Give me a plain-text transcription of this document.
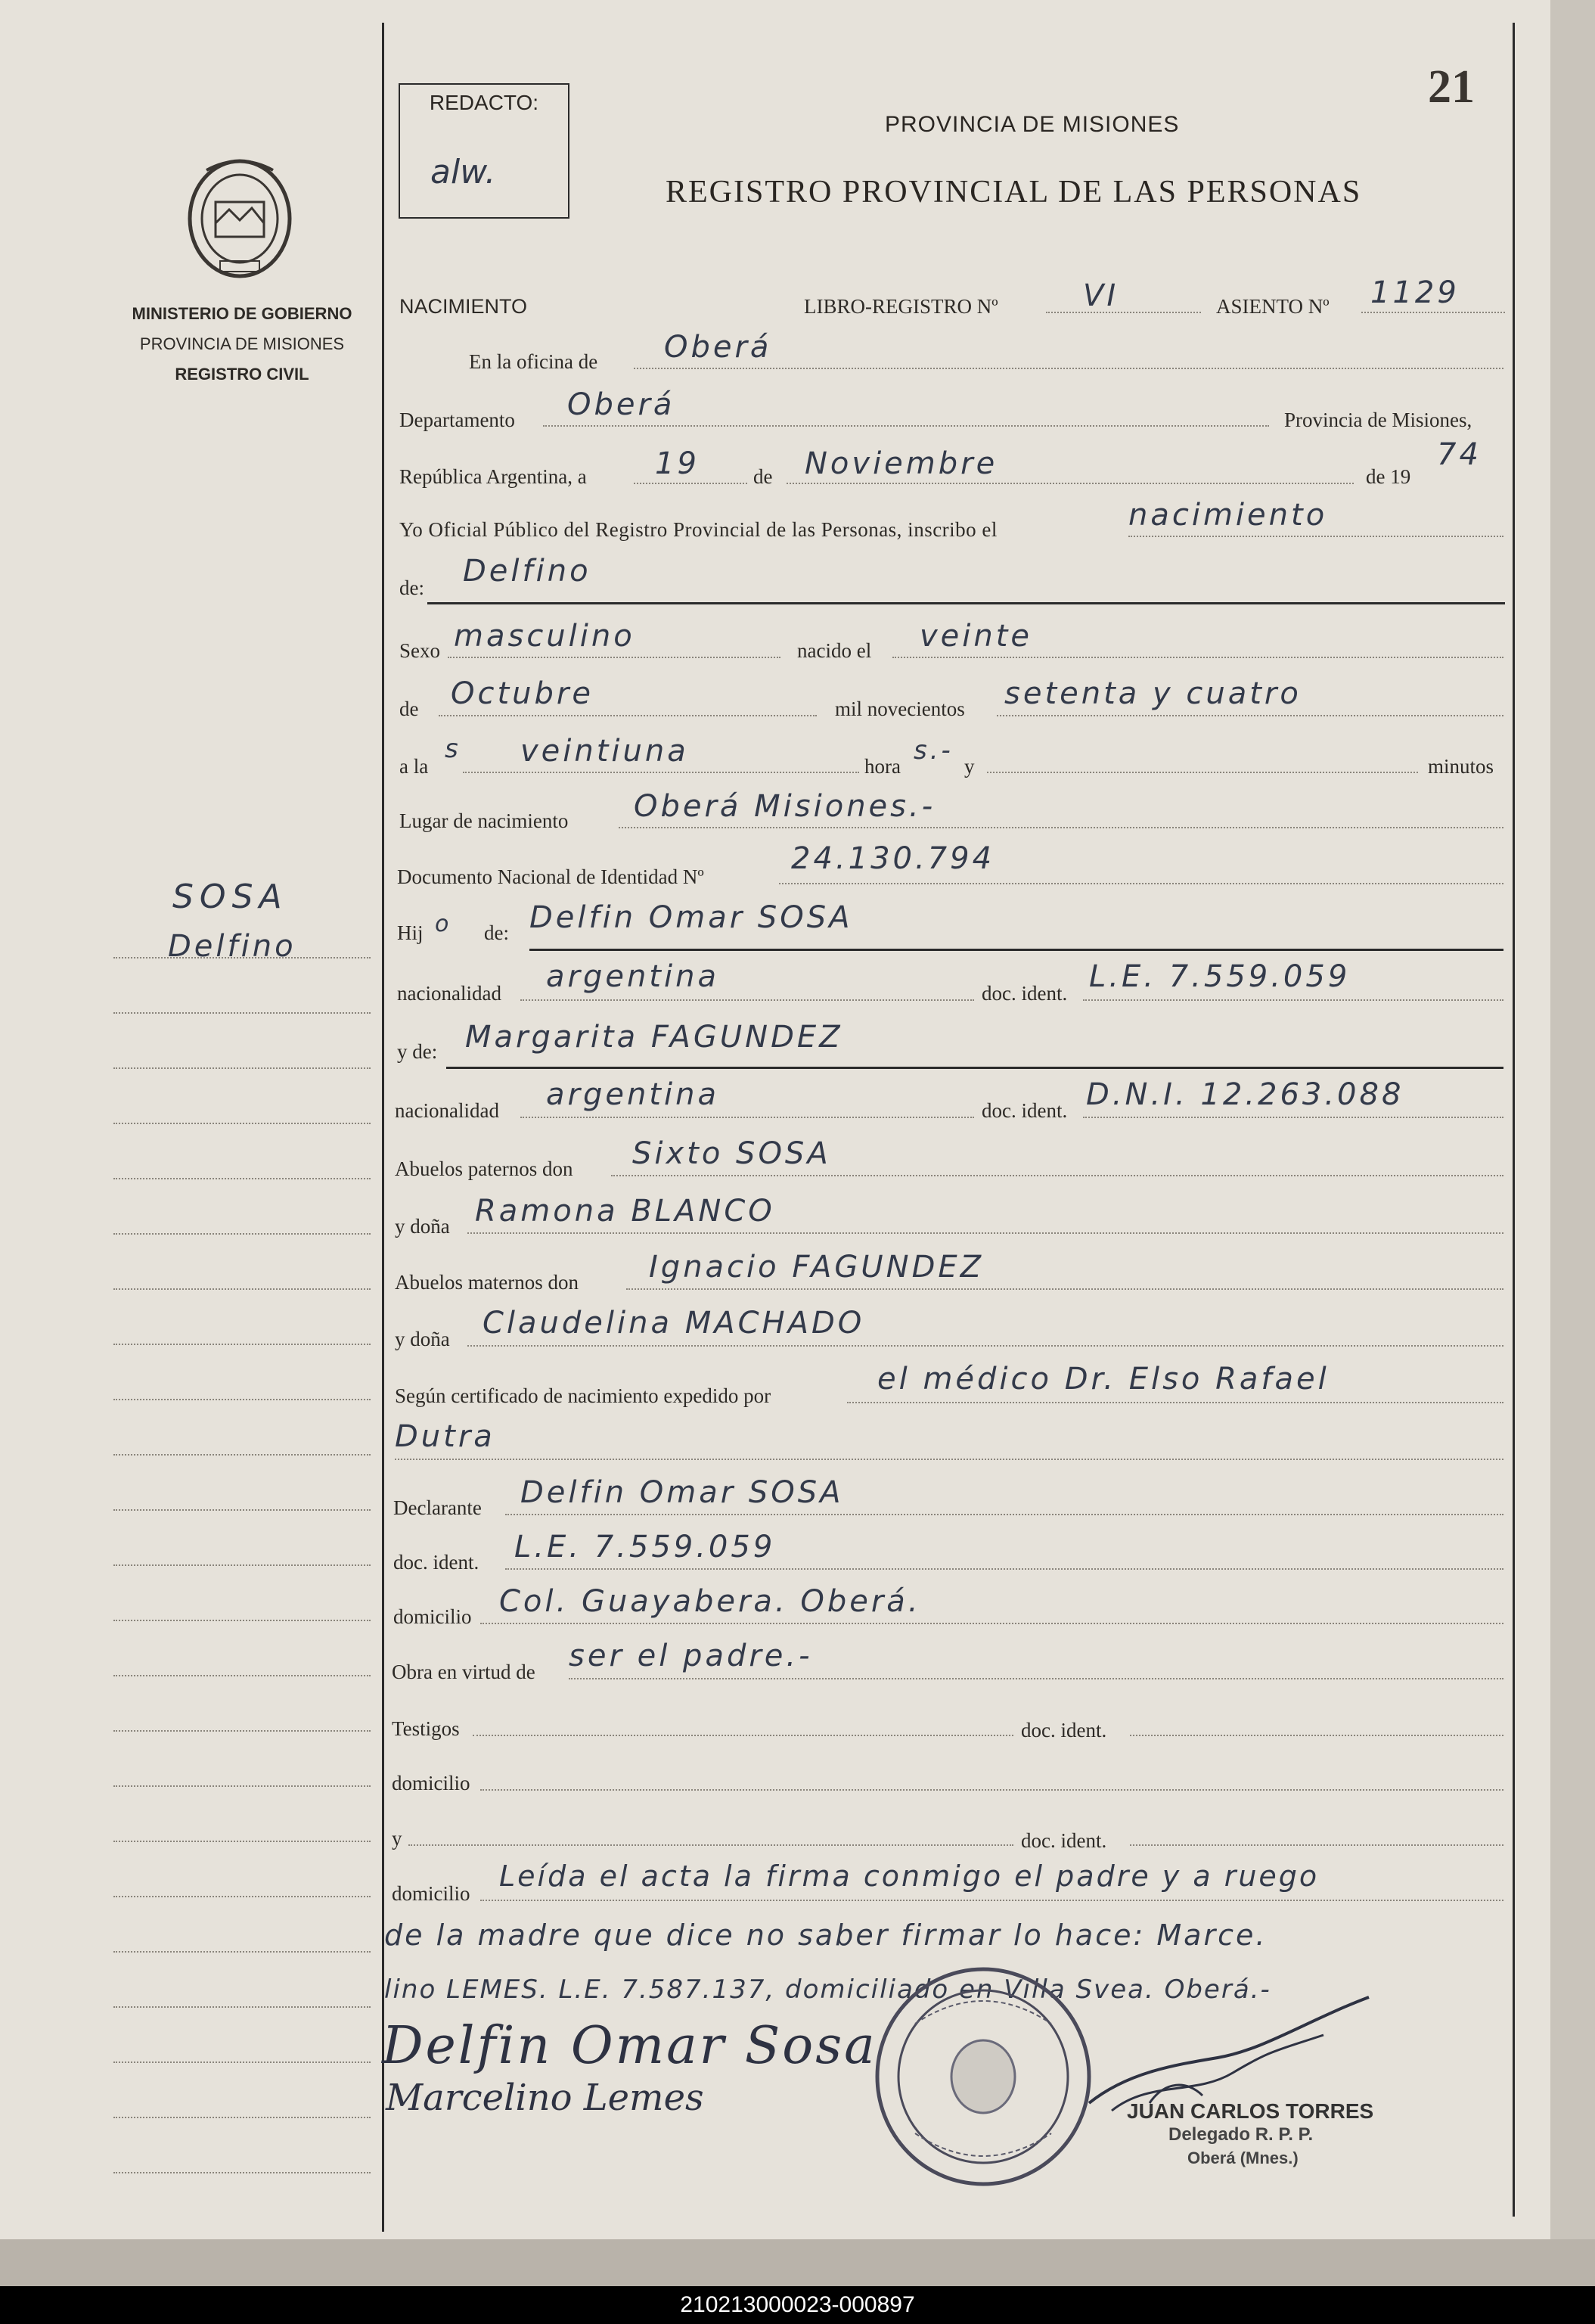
MINISTERIO DE GOBIERNO
PROVINCIA DE MISIONES
REGISTRO CIVIL
SOSA
Delfino
REDACTO:
alw.
21
PROVINCIA DE MISIONES
REGISTRO PROVINCIAL DE LAS PERSONAS
NACIMIENTO	LIBRO-REGISTRO Nº	VI	ASIENTO Nº 1129
En la oficina de Oberá
Departamento Oberá	Provincia de Misiones,
República Argentina, a 19	de Noviembre	de 19
74
Yo Oficial Público del Registro Provincial de las Personas, inscribo el	nacimiento
de: Delfino
Sexo masculino	nacido el veinte
de Octubre	mil novecientos setenta y cuatro
a la
s veintiuna	hora
s.-
y	minutos
Lugar de nacimiento Oberá Misiones.-
Documento Nacional de Identidad Nº
24.130.794
Hij o de: Delfin Omar SOSA
nacionalidad argentina	doc. ident. L.E. 7.559.059
y de: Margarita FAGUNDEZ
nacionalidad argentina	doc. ident. D.N.I. 12.263.088
Abuelos paternos don Sixto SOSA
y doña Ramona BLANCO
Abuelos maternos don Ignacio FAGUNDEZ
y doña Claudelina MACHADO
Según certificado de nacimiento expedido por	el médico Dr. Elso Rafael
Dutra
Declarante Delfin Omar SOSA
doc. ident. L.E. 7.559.059
domicilio Col. Guayabera. Oberá.
Obra en virtud de ser el padre.-
Testigos	doc. ident.
domicilio
y	doc. ident.
domicilio
Leída el acta la firma conmigo el padre y a ruego
de la madre que dice no saber firmar lo hace: Marce.
lino LEMES. L.E. 7.587.137, domiciliado en Villa Svea. Oberá.-
Delfin Omar Sosa
Marcelino Lemes	JUAN CARLOS TORRES
Delegado R. P. P.
Oberá (Mnes.)
210213000023-000897
